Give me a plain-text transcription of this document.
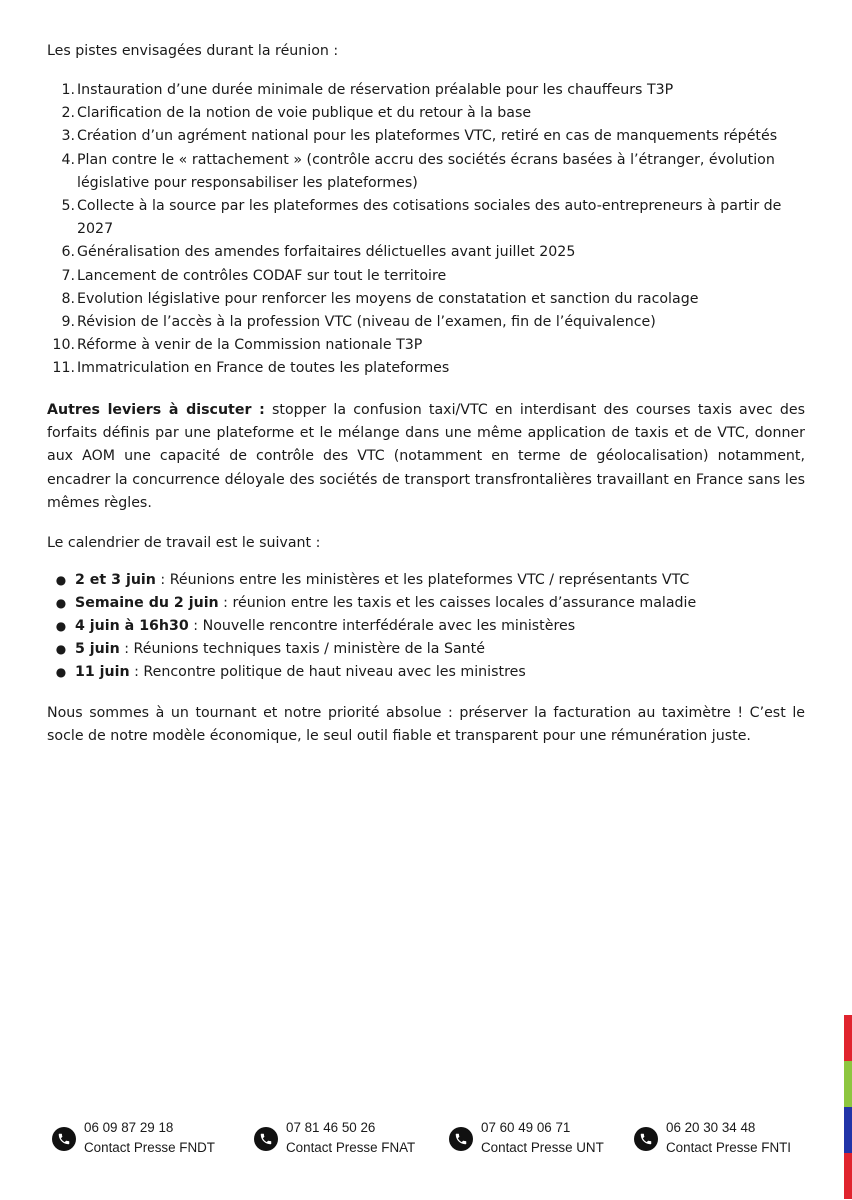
Les pistes envisagées durant la réunion :

1. Instauration d’une durée minimale de réservation préalable pour les chauffeurs T3P
2. Clarification de la notion de voie publique et du retour à la base
3. Création d’un agrément national pour les plateformes VTC, retiré en cas de manquements répétés
4. Plan contre le « rattachement » (contrôle accru des sociétés écrans basées à l’étranger, évolution législative pour responsabiliser les plateformes)
5. Collecte à la source par les plateformes des cotisations sociales des auto-entrepreneurs à partir de 2027
6. Généralisation des amendes forfaitaires délictuelles avant juillet 2025
7. Lancement de contrôles CODAF sur tout le territoire
8. Evolution législative pour renforcer les moyens de constatation et sanction du racolage
9. Révision de l’accès à la profession VTC (niveau de l’examen, fin de l’équivalence)
10. Réforme à venir de la Commission nationale T3P
11. Immatriculation en France de toutes les plateformes

Autres leviers à discuter : stopper la confusion taxi/VTC en interdisant des courses taxis avec des forfaits définis par une plateforme et le mélange dans une même application de taxis et de VTC, donner aux AOM une capacité de contrôle des VTC (notamment en terme de géolocalisation) notamment, encadrer la concurrence déloyale des sociétés de transport transfrontalières travaillant en France sans les mêmes règles.

Le calendrier de travail est le suivant :

● 2 et 3 juin : Réunions entre les ministères et les plateformes VTC / représentants VTC
● Semaine du 2 juin : réunion entre les taxis et les caisses locales d’assurance maladie
● 4 juin à 16h30 : Nouvelle rencontre interfédérale avec les ministères
● 5 juin : Réunions techniques taxis / ministère de la Santé
● 11 juin : Rencontre politique de haut niveau avec les ministres

Nous sommes à un tournant et notre priorité absolue : préserver la facturation au taximètre ! C’est le socle de notre modèle économique, le seul outil fiable et transparent pour une rémunération juste.

06 09 87 29 18
Contact Presse FNDT
07 81 46 50 26
Contact Presse FNAT
07 60 49 06 71
Contact Presse UNT
06 20 30 34 48
Contact Presse FNTI
